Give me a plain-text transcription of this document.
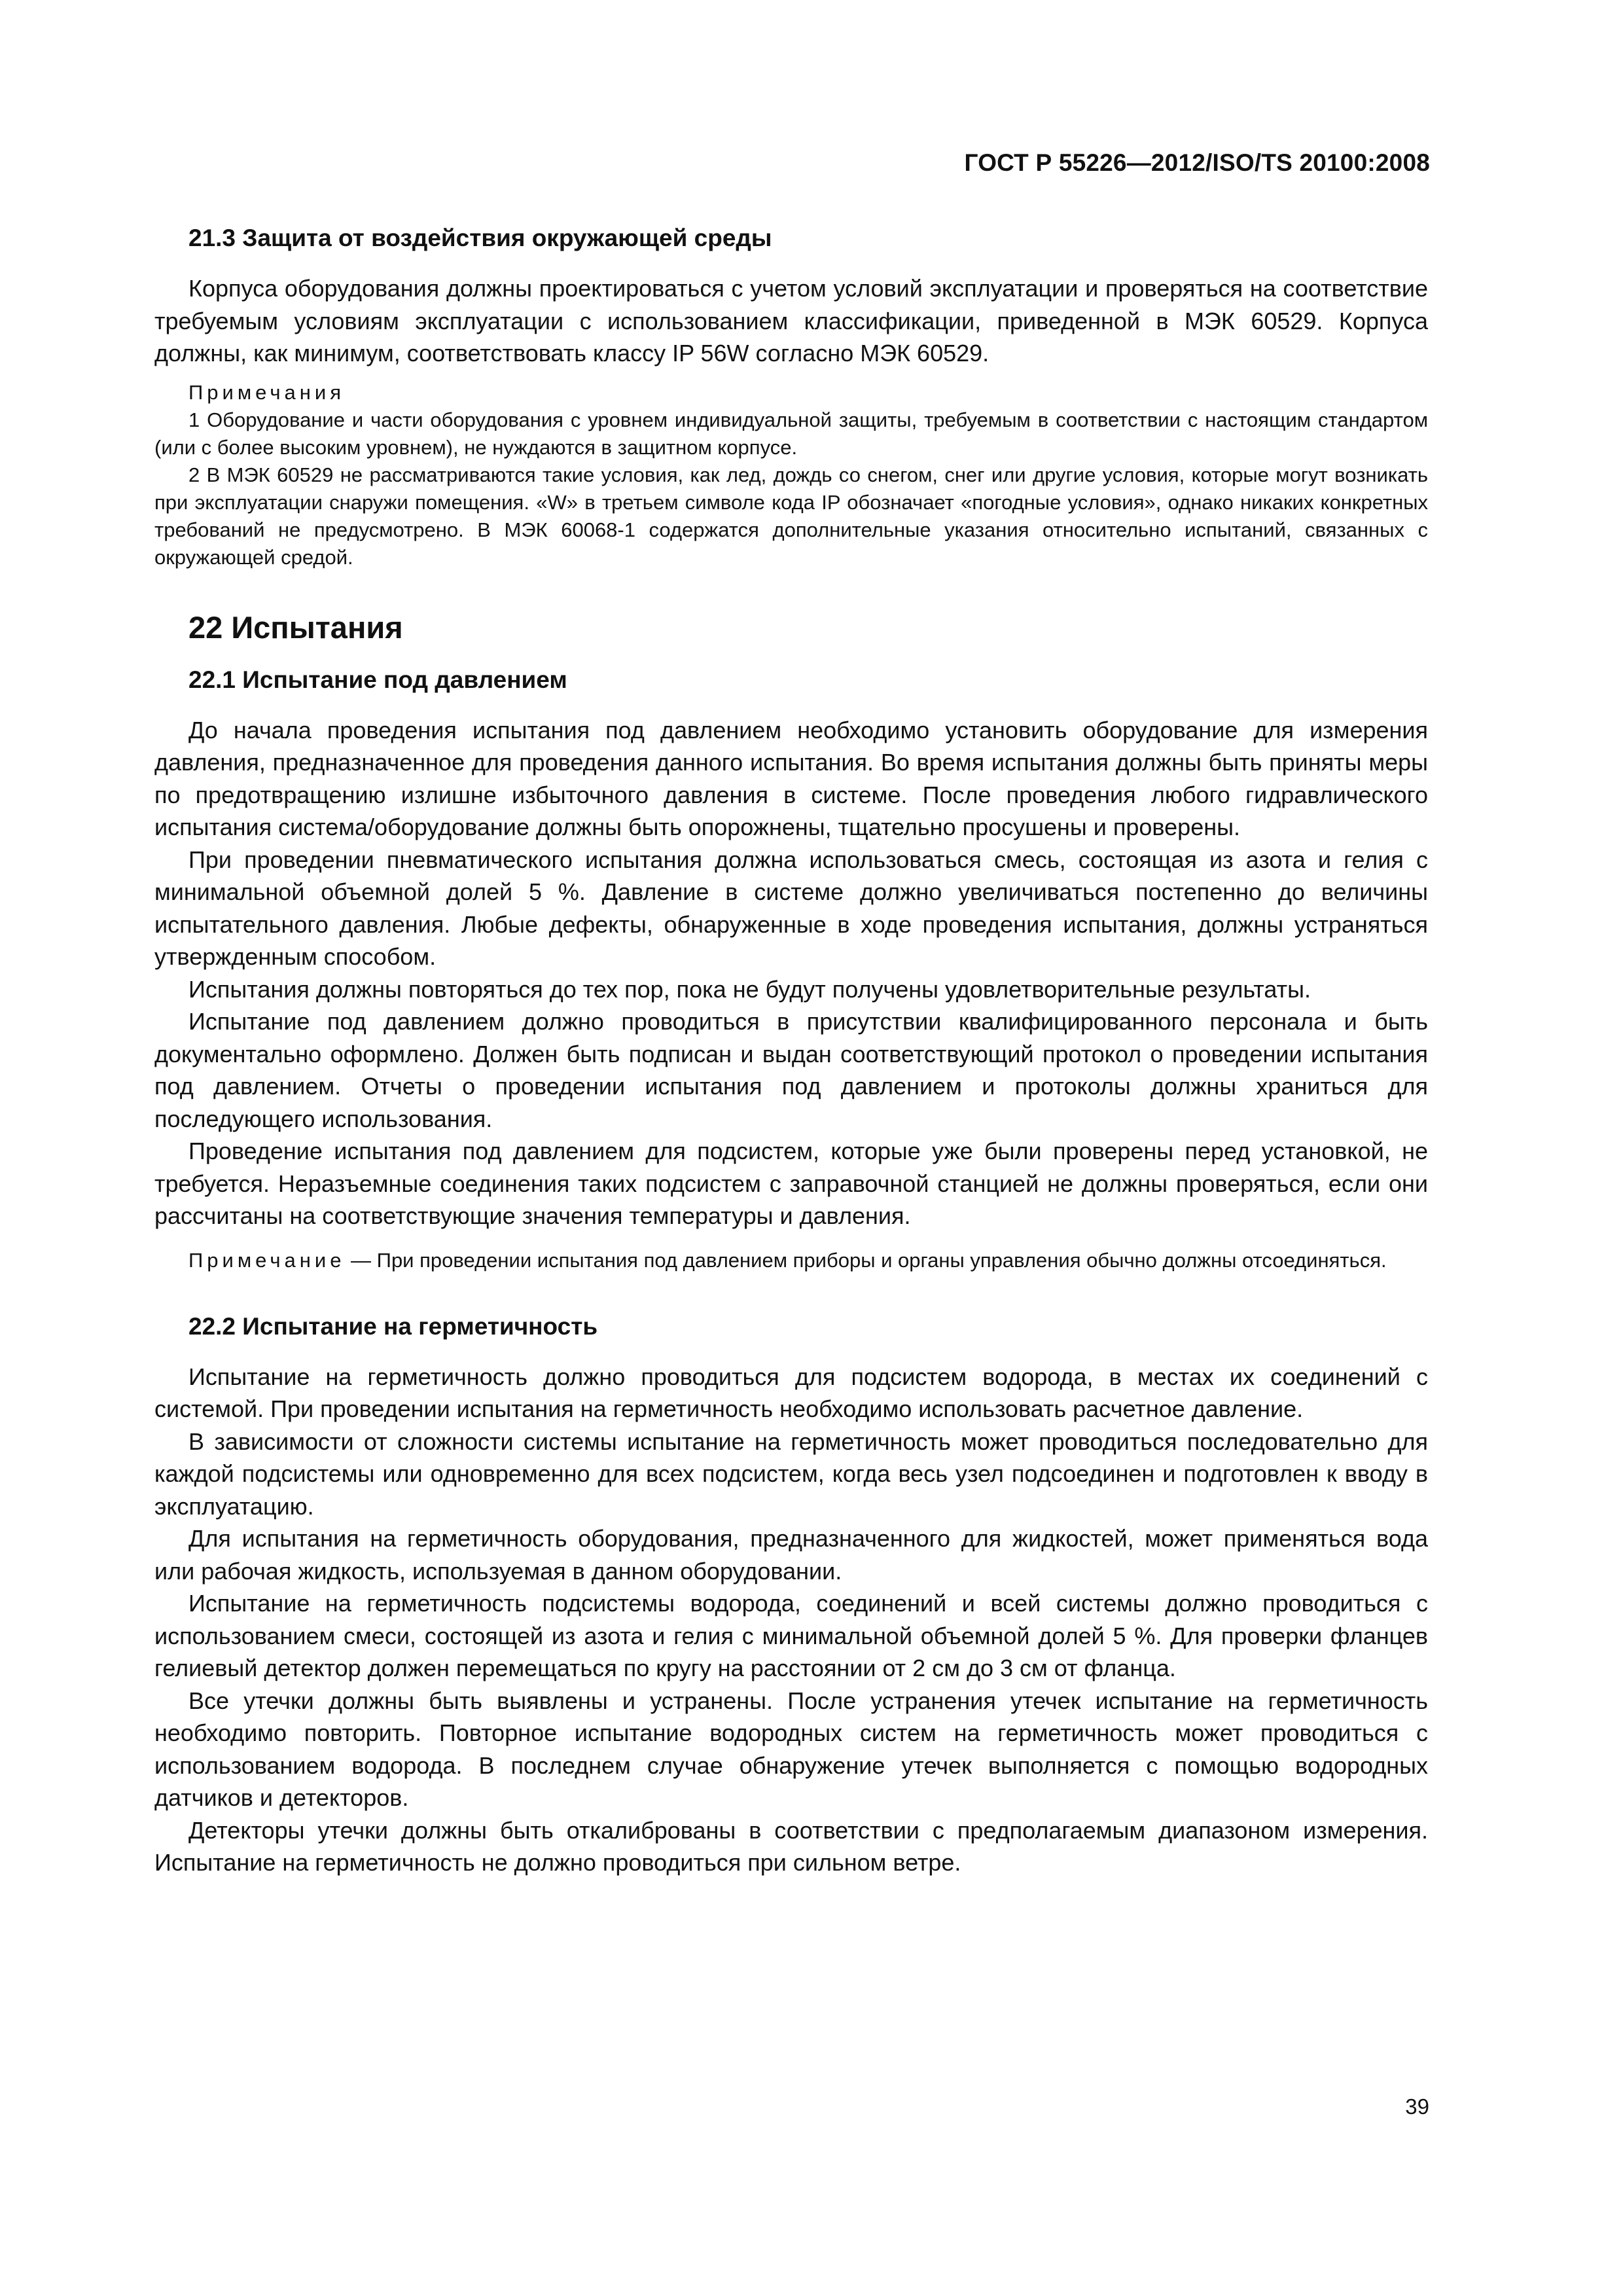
ГОСТ Р 55226—2012/ISO/TS 20100:2008
21.3 Защита от воздействия окружающей среды

Корпуса оборудования должны проектироваться с учетом условий эксплуатации и проверяться на соответствие требуемым условиям эксплуатации с использованием классификации, приведенной в МЭК 60529. Корпуса должны, как минимум, соответствовать классу IP 56W согласно МЭК 60529.

Примечания

1 Оборудование и части оборудования с уровнем индивидуальной защиты, требуемым в соответствии с настоящим стандартом (или с более высоким уровнем), не нуждаются в защитном корпусе.

2 В МЭК 60529 не рассматриваются такие условия, как лед, дождь со снегом, снег или другие условия, которые могут возникать при эксплуатации снаружи помещения. «W» в третьем символе кода IP обозначает «погодные условия», однако никаких конкретных требований не предусмотрено. В МЭК 60068-1 содержатся дополнительные указания относительно испытаний, связанных с окружающей средой.

22 Испытания
22.1 Испытание под давлением

До начала проведения испытания под давлением необходимо установить оборудование для измерения давления, предназначенное для проведения данного испытания. Во время испытания должны быть приняты меры по предотвращению излишне избыточного давления в системе. После проведения любого гидравлического испытания система/оборудование должны быть опорожнены, тщательно просушены и проверены.

При проведении пневматического испытания должна использоваться смесь, состоящая из азота и гелия с минимальной объемной долей 5 %. Давление в системе должно увеличиваться постепенно до величины испытательного давления. Любые дефекты, обнаруженные в ходе проведения испытания, должны устраняться утвержденным способом.

Испытания должны повторяться до тех пор, пока не будут получены удовлетворительные результаты.

Испытание под давлением должно проводиться в присутствии квалифицированного персонала и быть документально оформлено. Должен быть подписан и выдан соответствующий протокол о проведении испытания под давлением. Отчеты о проведении испытания под давлением и протоколы должны храниться для последующего использования.

Проведение испытания под давлением для подсистем, которые уже были проверены перед установкой, не требуется. Неразъемные соединения таких подсистем с заправочной станцией не должны проверяться, если они рассчитаны на соответствующие значения температуры и давления.

Примечание — При проведении испытания под давлением приборы и органы управления обычно должны отсоединяться.

22.2 Испытание на герметичность

Испытание на герметичность должно проводиться для подсистем водорода, в местах их соединений с системой. При проведении испытания на герметичность необходимо использовать расчетное давление.

В зависимости от сложности системы испытание на герметичность может проводиться последовательно для каждой подсистемы или одновременно для всех подсистем, когда весь узел подсоединен и подготовлен к вводу в эксплуатацию.

Для испытания на герметичность оборудования, предназначенного для жидкостей, может применяться вода или рабочая жидкость, используемая в данном оборудовании.

Испытание на герметичность подсистемы водорода, соединений и всей системы должно проводиться с использованием смеси, состоящей из азота и гелия с минимальной объемной долей 5 %. Для проверки фланцев гелиевый детектор должен перемещаться по кругу на расстоянии от 2 см до 3 см от фланца.

Все утечки должны быть выявлены и устранены. После устранения утечек испытание на герметичность необходимо повторить. Повторное испытание водородных систем на герметичность может проводиться с использованием водорода. В последнем случае обнаружение утечек выполняется с помощью водородных датчиков и детекторов.

Детекторы утечки должны быть откалиброваны в соответствии с предполагаемым диапазоном измерения. Испытание на герметичность не должно проводиться при сильном ветре.

39
